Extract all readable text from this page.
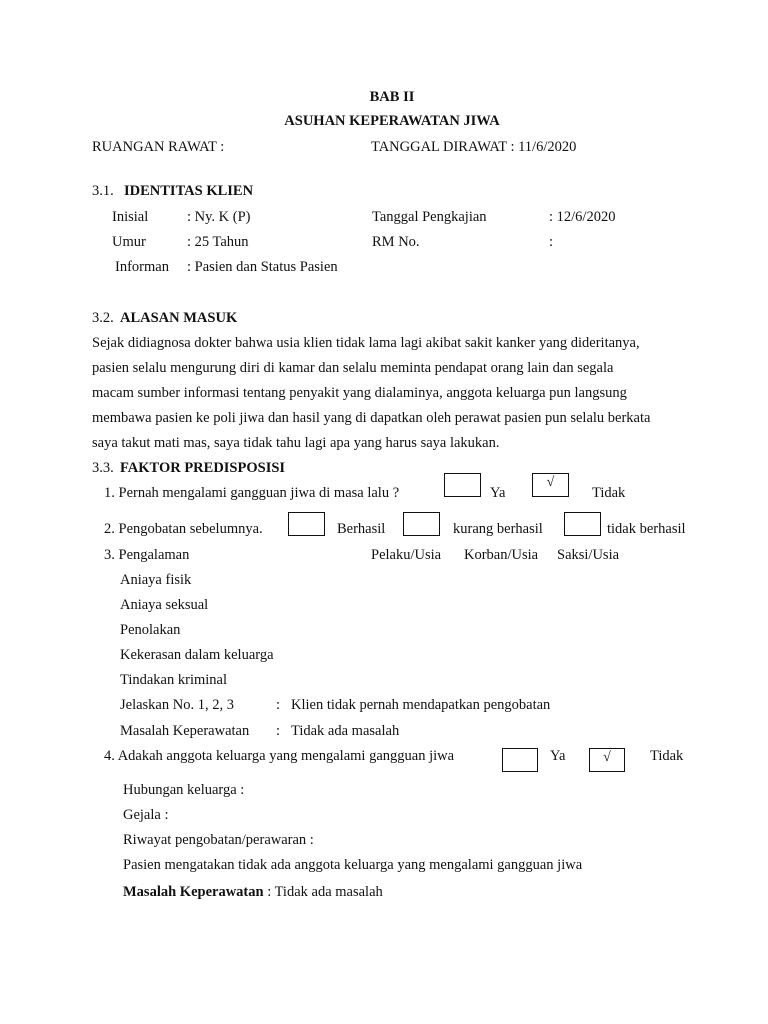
BAB II
ASUHAN KEPERAWATAN JIWA
RUANGAN RAWAT :	TANGGAL DIRAWAT : 11/6/2020
3.1. IDENTITAS KLIEN
Inisial	: Ny. K (P)	Tanggal Pengkajian	: 12/6/2020
Umur	: 25 Tahun	RM No.	:
Informan : Pasien dan Status Pasien
3.2. ALASAN MASUK
Sejak didiagnosa dokter bahwa usia klien tidak lama lagi akibat sakit kanker yang dideritanya,
pasien selalu mengurung diri di kamar dan selalu meminta pendapat orang lain dan segala
macam sumber informasi tentang penyakit yang dialaminya, anggota keluarga pun langsung
membawa pasien ke poli jiwa dan hasil yang di dapatkan oleh perawat pasien pun selalu berkata
saya takut mati mas, saya tidak tahu lagi apa yang harus saya lakukan.
3.3. FAKTOR PREDISPOSISI
1. Pernah mengalami gangguan jiwa di masa lalu ?	Ya
√
Tidak
2. Pengobatan sebelumnya.	Berhasil	kurang berhasil	tidak berhasil
3. Pengalaman	Pelaku/Usia Korban/Usia Saksi/Usia
Aniaya fisik
Aniaya seksual
Penolakan
Kekerasan dalam keluarga
Tindakan kriminal
Jelaskan No. 1, 2, 3	: Klien tidak pernah mendapatkan pengobatan
Masalah Keperawatan : Tidak ada masalah
4. Adakah anggota keluarga yang mengalami gangguan jiwa	Ya	√	Tidak
Hubungan keluarga :
Gejala :
Riwayat pengobatan/perawaran :
Pasien mengatakan tidak ada anggota keluarga yang mengalami gangguan jiwa
Masalah Keperawatan : Tidak ada masalah
